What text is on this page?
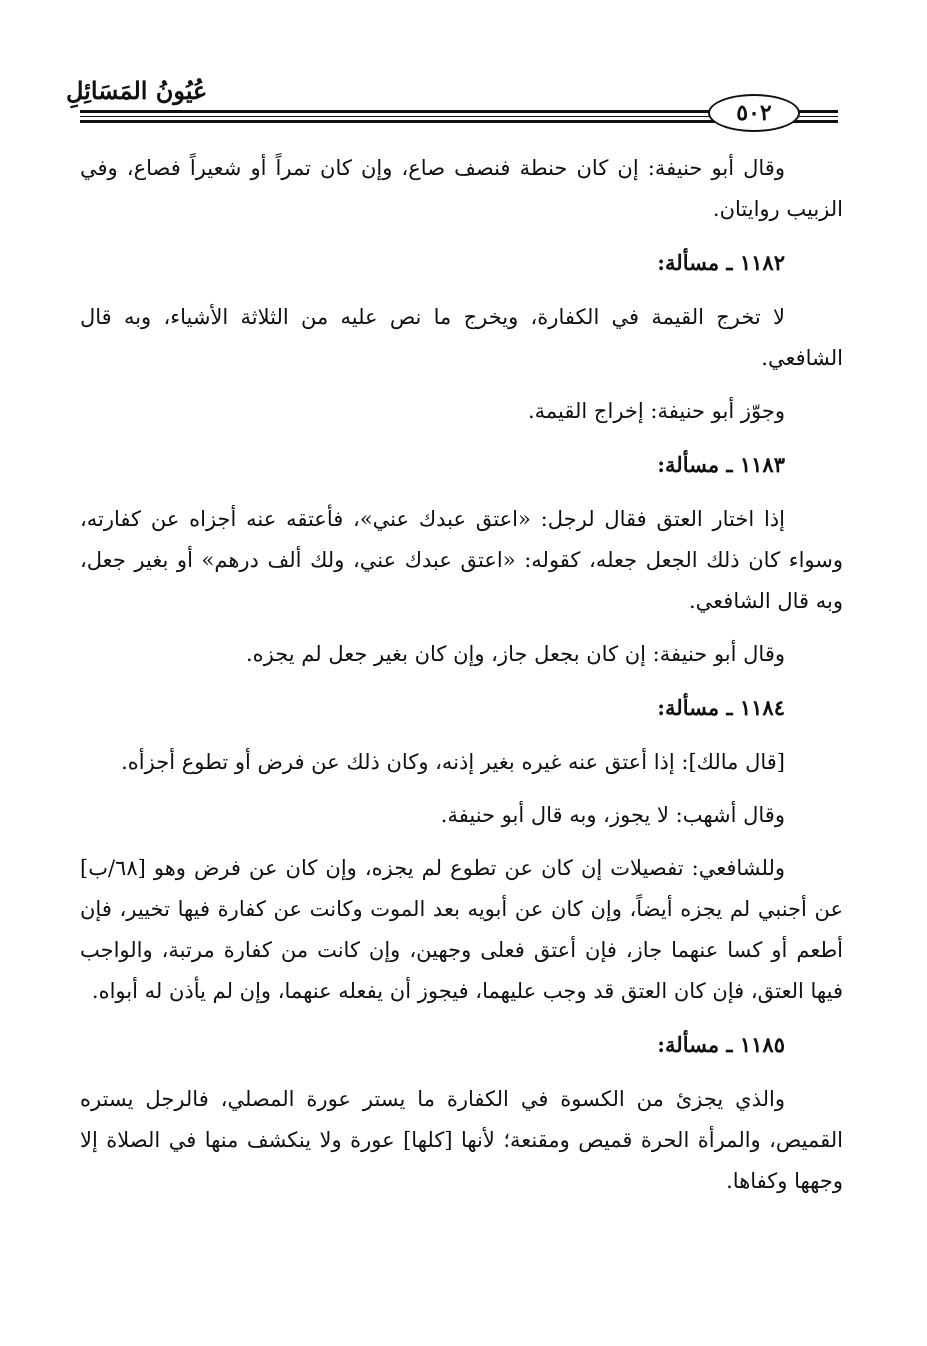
عُيُونُ المَسَائِلِ
٥٠٢

وقال أبو حنيفة: إن كان حنطة فنصف صاع، وإن كان تمراً أو شعيراً فصاع، وفي الزبيب روايتان.

١١٨٢ ـ مسألة:

لا تخرج القيمة في الكفارة، ويخرج ما نص عليه من الثلاثة الأشياء، وبه قال الشافعي.

وجوّز أبو حنيفة: إخراج القيمة.

١١٨٣ ـ مسألة:

إذا اختار العتق فقال لرجل: «اعتق عبدك عني»، فأعتقه عنه أجزاه عن كفارته، وسواء كان ذلك الجعل جعله، كقوله: «اعتق عبدك عني، ولك ألف درهم» أو بغير جعل، وبه قال الشافعي.

وقال أبو حنيفة: إن كان بجعل جاز، وإن كان بغير جعل لم يجزه.

١١٨٤ ـ مسألة:

[قال مالك]: إذا أعتق عنه غيره بغير إذنه، وكان ذلك عن فرض أو تطوع أجزأه.

وقال أشهب: لا يجوز، وبه قال أبو حنيفة.

وللشافعي: تفصيلات إن كان عن تطوع لم يجزه، وإن كان عن فرض وهو [٦٨/ب] عن أجنبي لم يجزه أيضاً، وإن كان عن أبويه بعد الموت وكانت عن كفارة فيها تخيير، فإن أطعم أو كسا عنهما جاز، فإن أعتق فعلى وجهين، وإن كانت من كفارة مرتبة، والواجب فيها العتق، فإن كان العتق قد وجب عليهما، فيجوز أن يفعله عنهما، وإن لم يأذن له أبواه.

١١٨٥ ـ مسألة:

والذي يجزئ من الكسوة في الكفارة ما يستر عورة المصلي، فالرجل يستره القميص، والمرأة الحرة قميص ومقنعة؛ لأنها [كلها] عورة ولا ينكشف منها في الصلاة إلا وجهها وكفاها.
